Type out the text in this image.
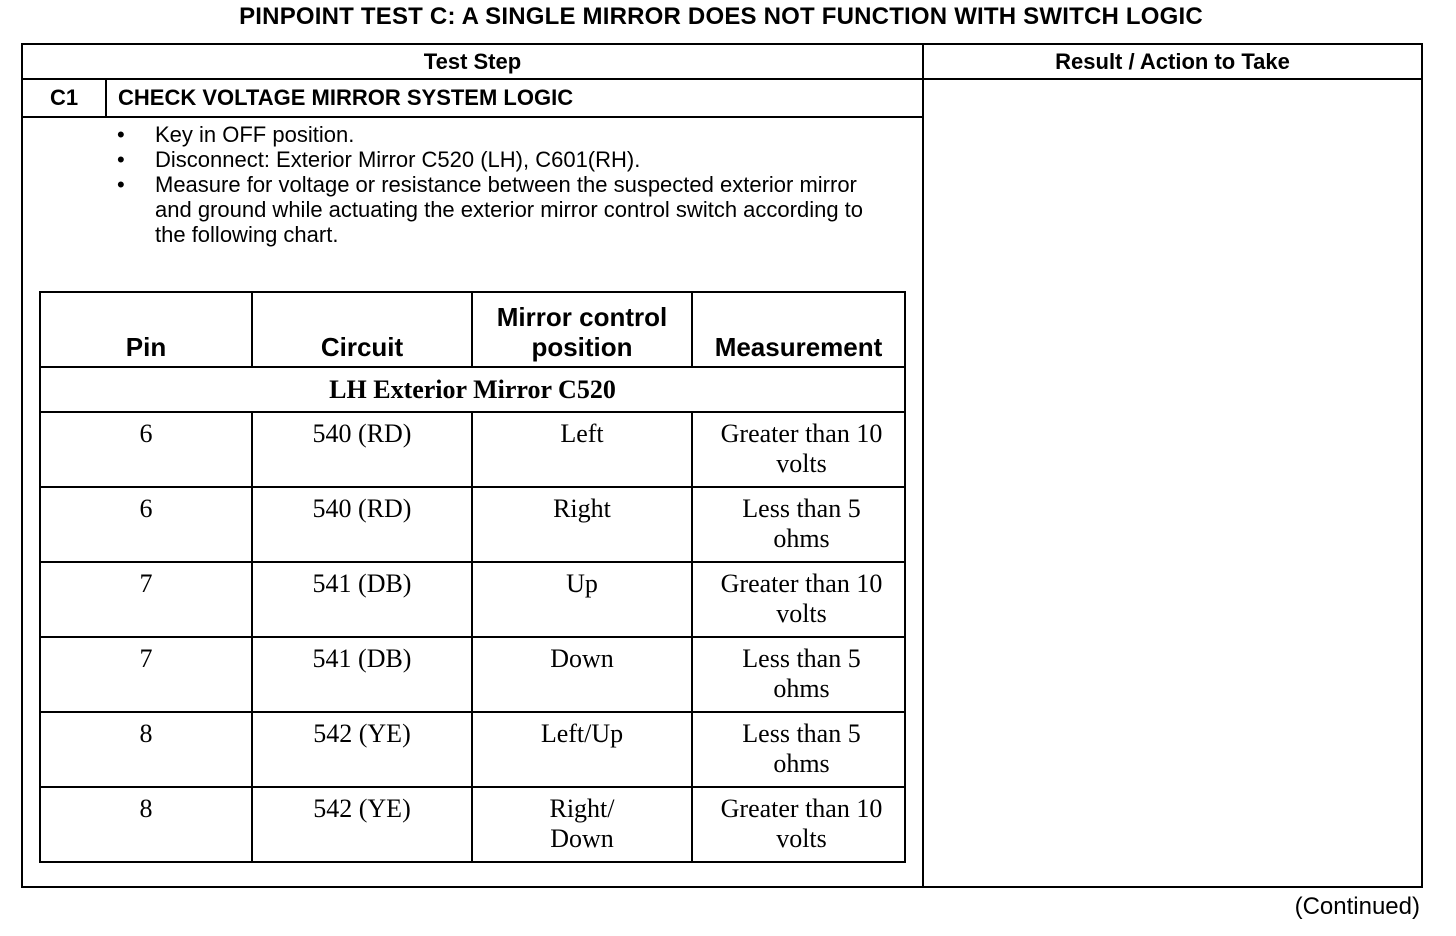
PINPOINT TEST C: A SINGLE MIRROR DOES NOT FUNCTION WITH SWITCH LOGIC
Test Step	Result / Action to Take
C1	CHECK VOLTAGE MIRROR SYSTEM LOGIC
• Key in OFF position.
• Disconnect: Exterior Mirror C520 (LH), C601(RH).
• Measure for voltage or resistance between the suspected exterior mirror and ground while actuating the exterior mirror control switch according to the following chart.
Pin	Circuit	Mirror control position	Measurement
LH Exterior Mirror C520			
6	540 (RD)	Left	Greater than 10 volts
6	540 (RD)	Right	Less than 5 ohms
7	541 (DB)	Up	Greater than 10 volts
7	541 (DB)	Down	Less than 5 ohms
8	542 (YE)	Left/Up	Less than 5 ohms
8	542 (YE)	Right/ Down	Greater than 10 volts
(Continued)
